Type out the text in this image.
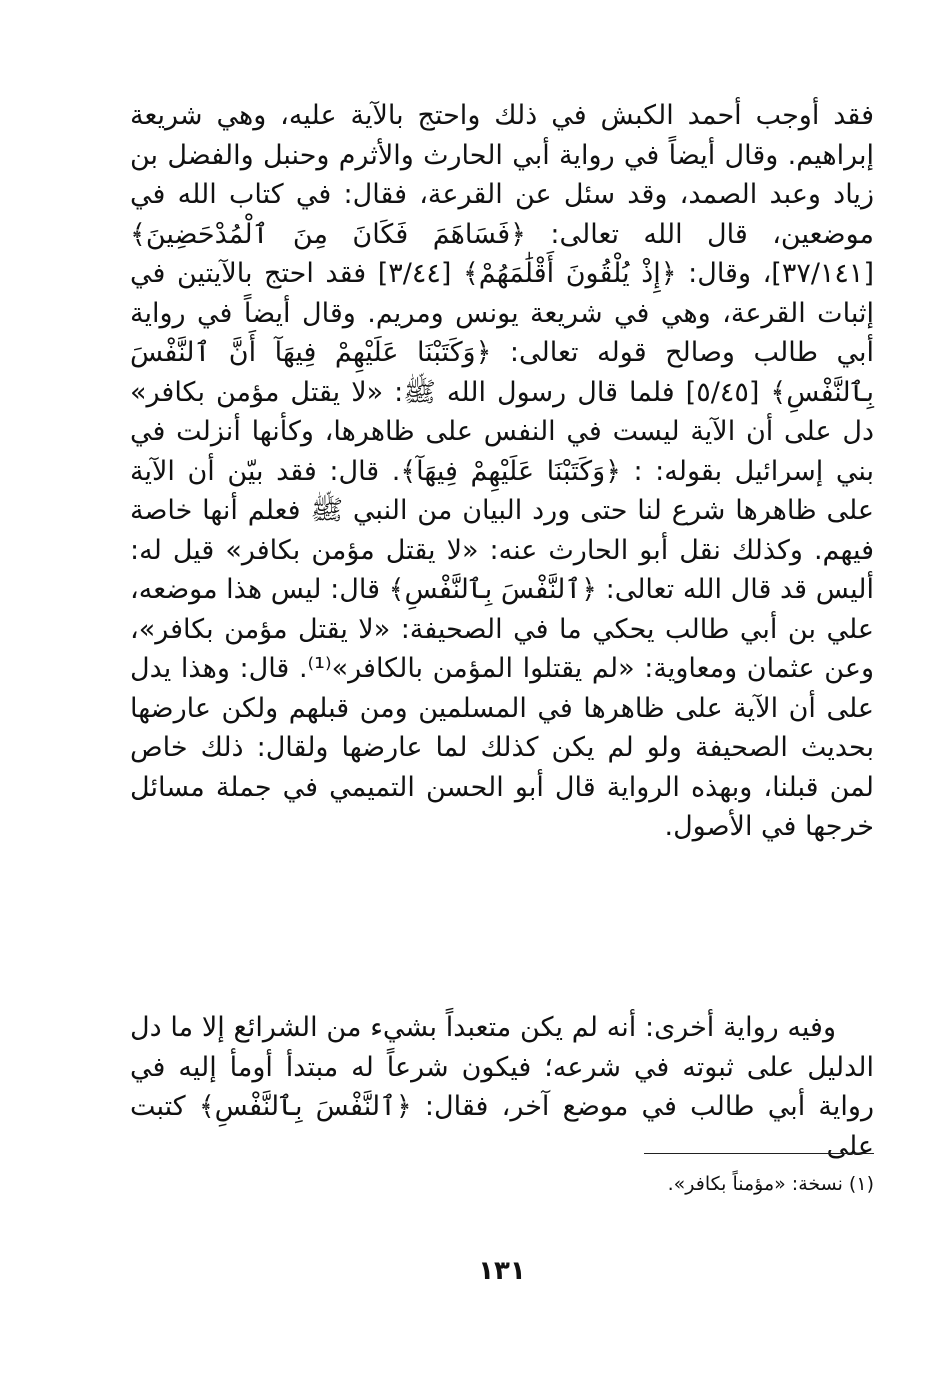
فقد أوجب أحمد الكبش في ذلك واحتج بالآية عليه، وهي شريعة إبراهيم. وقال أيضاً في رواية أبي الحارث والأثرم وحنبل والفضل بن زياد وعبد الصمد، وقد سئل عن القرعة، فقال: في كتاب الله في موضعين، قال الله تعالى: ﴿فَسَاهَمَ فَكَانَ مِنَ ٱلْمُدْحَضِينَ﴾ [٣٧/١٤١]، وقال: ﴿إِذْ يُلْقُونَ أَقْلَٰمَهُمْ﴾ [٣/٤٤] فقد احتج بالآيتين في إثبات القرعة، وهي في شريعة يونس ومريم. وقال أيضاً في رواية أبي طالب وصالح قوله تعالى: ﴿وَكَتَبْنَا عَلَيْهِمْ فِيهَآ أَنَّ ٱلنَّفْسَ بِٱلنَّفْسِ﴾ [٥/٤٥] فلما قال رسول الله ﷺ: «لا يقتل مؤمن بكافر» دل على أن الآية ليست في النفس على ظاهرها، وكأنها أنزلت في بني إسرائيل بقوله: : ﴿وَكَتَبْنَا عَلَيْهِمْ فِيهَآ﴾. قال: فقد بيّن أن الآية على ظاهرها شرع لنا حتى ورد البيان من النبي ﷺ فعلم أنها خاصة فيهم. وكذلك نقل أبو الحارث عنه: «لا يقتل مؤمن بكافر» قيل له: أليس قد قال الله تعالى: ﴿ٱلنَّفْسَ بِٱلنَّفْسِ﴾ قال: ليس هذا موضعه، علي بن أبي طالب يحكي ما في الصحيفة: «لا يقتل مؤمن بكافر»، وعن عثمان ومعاوية: «لم يقتلوا المؤمن بالكافر»⁽¹⁾. قال: وهذا يدل على أن الآية على ظاهرها في المسلمين ومن قبلهم ولكن عارضها بحديث الصحيفة ولو لم يكن كذلك لما عارضها ولقال: ذلك خاص لمن قبلنا، وبهذه الرواية قال أبو الحسن التميمي في جملة مسائل خرجها في الأصول.

وفيه رواية أخرى: أنه لم يكن متعبداً بشيء من الشرائع إلا ما دل الدليل على ثبوته في شرعه؛ فيكون شرعاً له مبتدأ أومأ إليه في رواية أبي طالب في موضع آخر، فقال: ﴿ٱلنَّفْسَ بِٱلنَّفْسِ﴾ كتبت على

(١) نسخة: «مؤمناً بكافر».

١٣١
